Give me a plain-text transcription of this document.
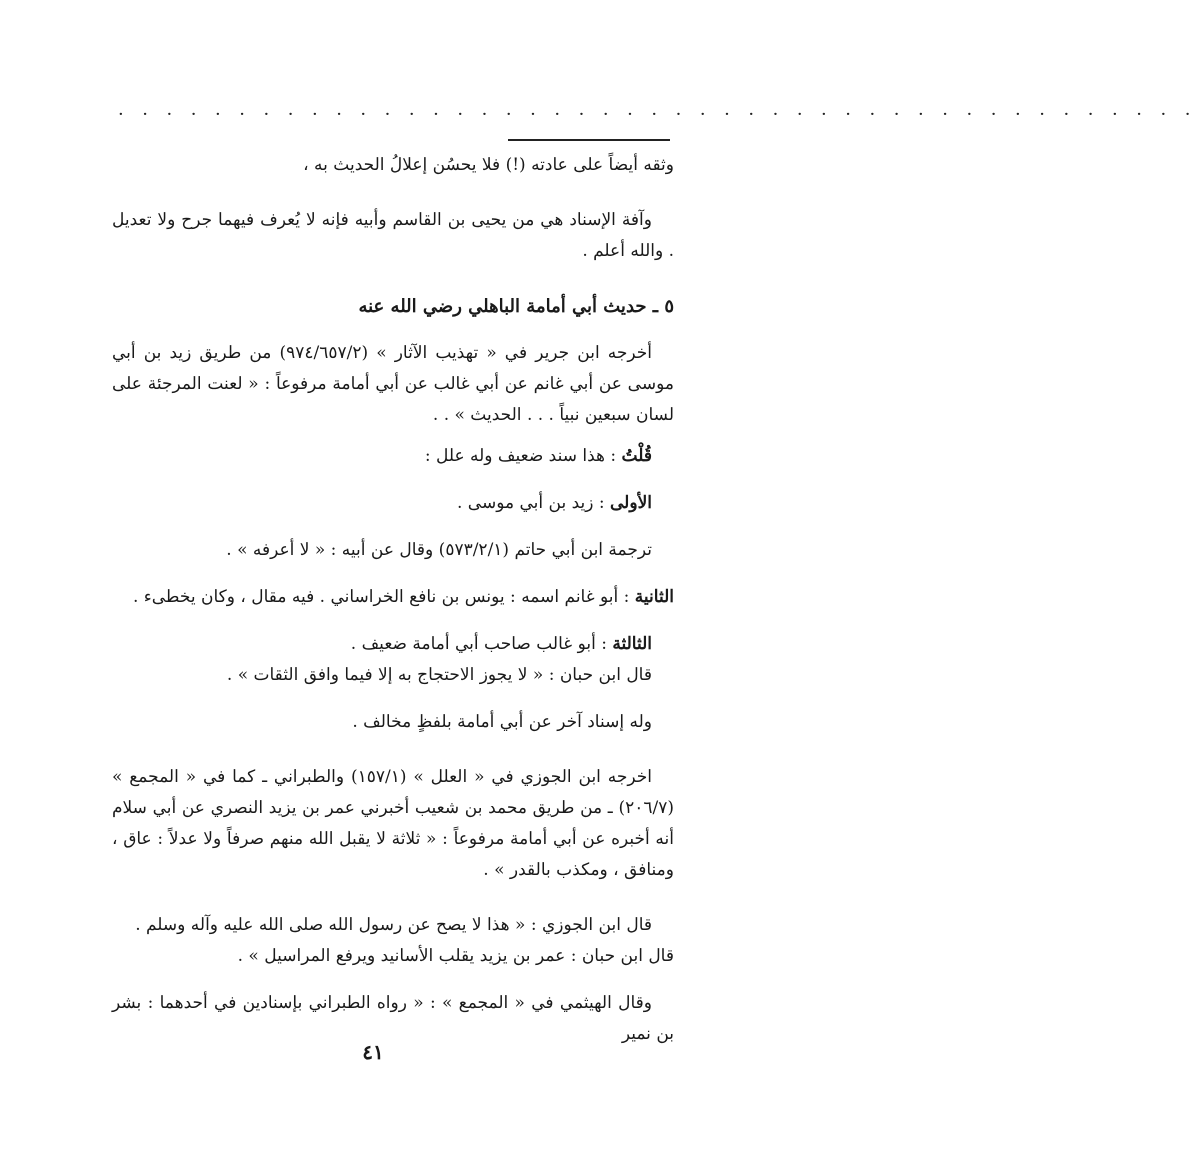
· · · · · · · · · · · · · · · · · · · · · · · · · · · · · · · · · · · · · · · · · · · · ·

وثقه أيضاً على عادته (!) فلا يحسُن إعلالُ الحديث به ،

وآفة الإسناد هي من يحيى بن القاسم وأبيه فإنه لا يُعرف فيهما جرح ولا تعديل . والله أعلم .

٥ ـ حديث أبي أمامة الباهلي رضي الله عنه

أخرجه ابن جرير في « تهذيب الآثار » (٩٧٤/٦٥٧/٢) من طريق زيد بن أبي موسى عن أبي غانم عن أبي غالب عن أبي أمامة مرفوعاً : « لعنت المرجئة على لسان سبعين نبياً . . . الحديث » . .

قُلْتُ : هذا سند ضعيف وله علل :

الأولى : زيد بن أبي موسى .

ترجمة ابن أبي حاتم (٥٧٣/٢/١) وقال عن أبيه : « لا أعرفه » .

الثانية : أبو غانم اسمه : يونس بن نافع الخراساني . فيه مقال ، وكان يخطىء .

الثالثة : أبو غالب صاحب أبي أمامة ضعيف .

قال ابن حبان : « لا يجوز الاحتجاج به إلا فيما وافق الثقات » .

وله إسناد آخر عن أبي أمامة بلفظٍ مخالف .

اخرجه ابن الجوزي في « العلل » (١٥٧/١) والطبراني ـ كما في « المجمع » (٢٠٦/٧) ـ من طريق محمد بن شعيب أخبرني عمر بن يزيد النصري عن أبي سلام أنه أخبره عن أبي أمامة مرفوعاً : « ثلاثة لا يقبل الله منهم صرفاً ولا عدلاً : عاق ، ومنافق ، ومكذب بالقدر » .

قال ابن الجوزي : « هذا لا يصح عن رسول الله صلى الله عليه وآله وسلم .

قال ابن حبان : عمر بن يزيد يقلب الأسانيد ويرفع المراسيل » .

وقال الهيثمي في « المجمع » : « رواه الطبراني بإسنادين في أحدهما : بشر بن نمير

٤١
